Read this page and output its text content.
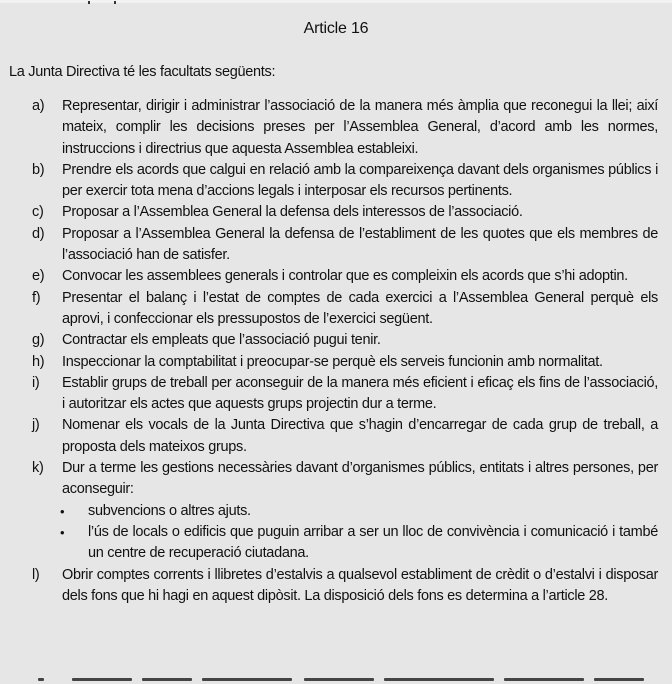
Article 16
La Junta Directiva té les facultats següents:
a) Representar, dirigir i administrar l’associació de la manera més àmplia que reconegui la llei; així mateix, complir les decisions preses per l’Assemblea General, d’acord amb les normes, instruccions i directrius que aquesta Assemblea estableixi.
b) Prendre els acords que calgui en relació amb la compareixença davant dels organismes públics i per exercir tota mena d’accions legals i interposar els recursos pertinents.
c) Proposar a l’Assemblea General la defensa dels interessos de l’associació.
d) Proposar a l’Assemblea General la defensa de l’establiment de les quotes que els membres de l’associació han de satisfer.
e) Convocar les assemblees generals i controlar que es compleixin els acords que s’hi adoptin.
f) Presentar el balanç i l’estat de comptes de cada exercici a l’Assemblea General perquè els aprovi, i confeccionar els pressupostos de l’exercici següent.
g) Contractar els empleats que l’associació pugui tenir.
h) Inspeccionar la comptabilitat i preocupar-se perquè els serveis funcionin amb normalitat.
i) Establir grups de treball per aconseguir de la manera més eficient i eficaç els fins de l’associació, i autoritzar els actes que aquests grups projectin dur a terme.
j) Nomenar els vocals de la Junta Directiva que s’hagin d’encarregar de cada grup de treball, a proposta dels mateixos grups.
k) Dur a terme les gestions necessàries davant d’organismes públics, entitats i altres persones, per aconseguir:
• subvencions o altres ajuts.
• l’ús de locals o edificis que puguin arribar a ser un lloc de convivència i comunicació i també un centre de recuperació ciutadana.
l) Obrir comptes corrents i llibretes d’estalvis a qualsevol establiment de crèdit o d’estalvi i disposar dels fons que hi hagi en aquest dipòsit. La disposició dels fons es determina a l’article 28.
